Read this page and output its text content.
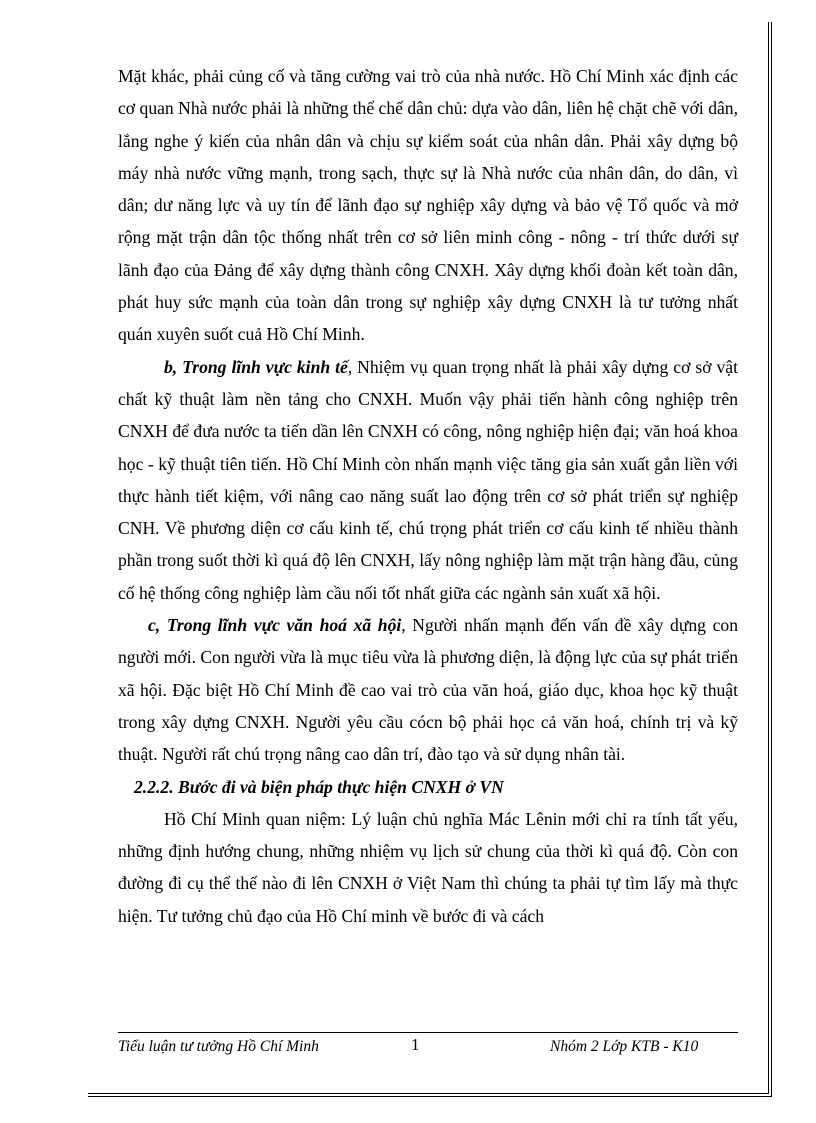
Mặt khác, phải củng cố và tăng cường vai trò của nhà nước. Hồ Chí Minh xác định các cơ quan Nhà nước phải là những thể chế dân chủ: dựa vào dân, liên hệ chặt chẽ với dân, lắng nghe ý kiến của nhân dân và chịu sự kiểm soát của nhân dân. Phải xây dựng bộ máy nhà nước vững mạnh, trong sạch, thực sự là Nhà nước của nhân dân, do dân, vì dân; dư năng lực và uy tín để lãnh đạo sự nghiệp xây dựng và bảo vệ Tổ quốc và mở rộng mặt trận dân tộc thống nhất trên cơ sở liên minh công - nông - trí thức dưới sự lãnh đạo của Đảng để xây dựng thành công CNXH. Xây dựng khối đoàn kết toàn dân, phát huy sức mạnh của toàn dân trong sự nghiệp xây dựng CNXH là tư tưởng nhất quán xuyên suốt cuả Hồ Chí Minh.

b, Trong lĩnh vực kinh tế, Nhiệm vụ quan trọng nhất là phải xây dựng cơ sở vật chất kỹ thuật làm nền tảng cho CNXH. Muốn vậy phải tiến hành công nghiệp trên CNXH để đưa nước ta tiến dần lên CNXH có công, nông nghiệp hiện đại; văn hoá khoa học - kỹ thuật tiên tiến. Hồ Chí Minh còn nhấn mạnh việc tăng gia sản xuất gắn liền với thực hành tiết kiệm, với nâng cao năng suất lao động trên cơ sở phát triển sự nghiệp CNH. Về phương diện cơ cấu kinh tế, chú trọng phát triển cơ cấu kinh tế nhiều thành phần trong suốt thời kì quá độ lên CNXH, lấy nông nghiệp làm mặt trận hàng đầu, củng cố hệ thống công nghiệp làm cầu nối tốt nhất giữa các ngành sản xuất xã hội.

c, Trong lĩnh vực văn hoá xã hội, Người nhấn mạnh đến vấn đề xây dựng con người mới. Con người vừa là mục tiêu vừa là phương diện, là động lực của sự phát triển xã hội. Đặc biệt Hồ Chí Minh đề cao vai trò của văn hoá, giáo dục, khoa học kỹ thuật trong xây dựng CNXH. Người yêu cầu cócn bộ phải học cả văn hoá, chính trị và kỹ thuật. Người rất chú trọng nâng cao dân trí, đào tạo và sử dụng nhân tài.

2.2.2. Bước đi và biện pháp thực hiện CNXH ở VN

Hồ Chí Minh quan niệm: Lý luận chủ nghĩa Mác Lênin mới chỉ ra tính tất yếu, những định hướng chung, những nhiệm vụ lịch sử chung của thời kì quá độ. Còn con đường đi cụ thể thế nào đi lên CNXH ở Việt Nam thì chúng ta phải tự tìm lấy mà thực hiện. Tư tưởng chủ đạo của Hồ Chí minh về bước đi và cách

Tiểu luận tư tưởng Hồ Chí Minh	1	Nhóm 2 Lớp KTB - K10
